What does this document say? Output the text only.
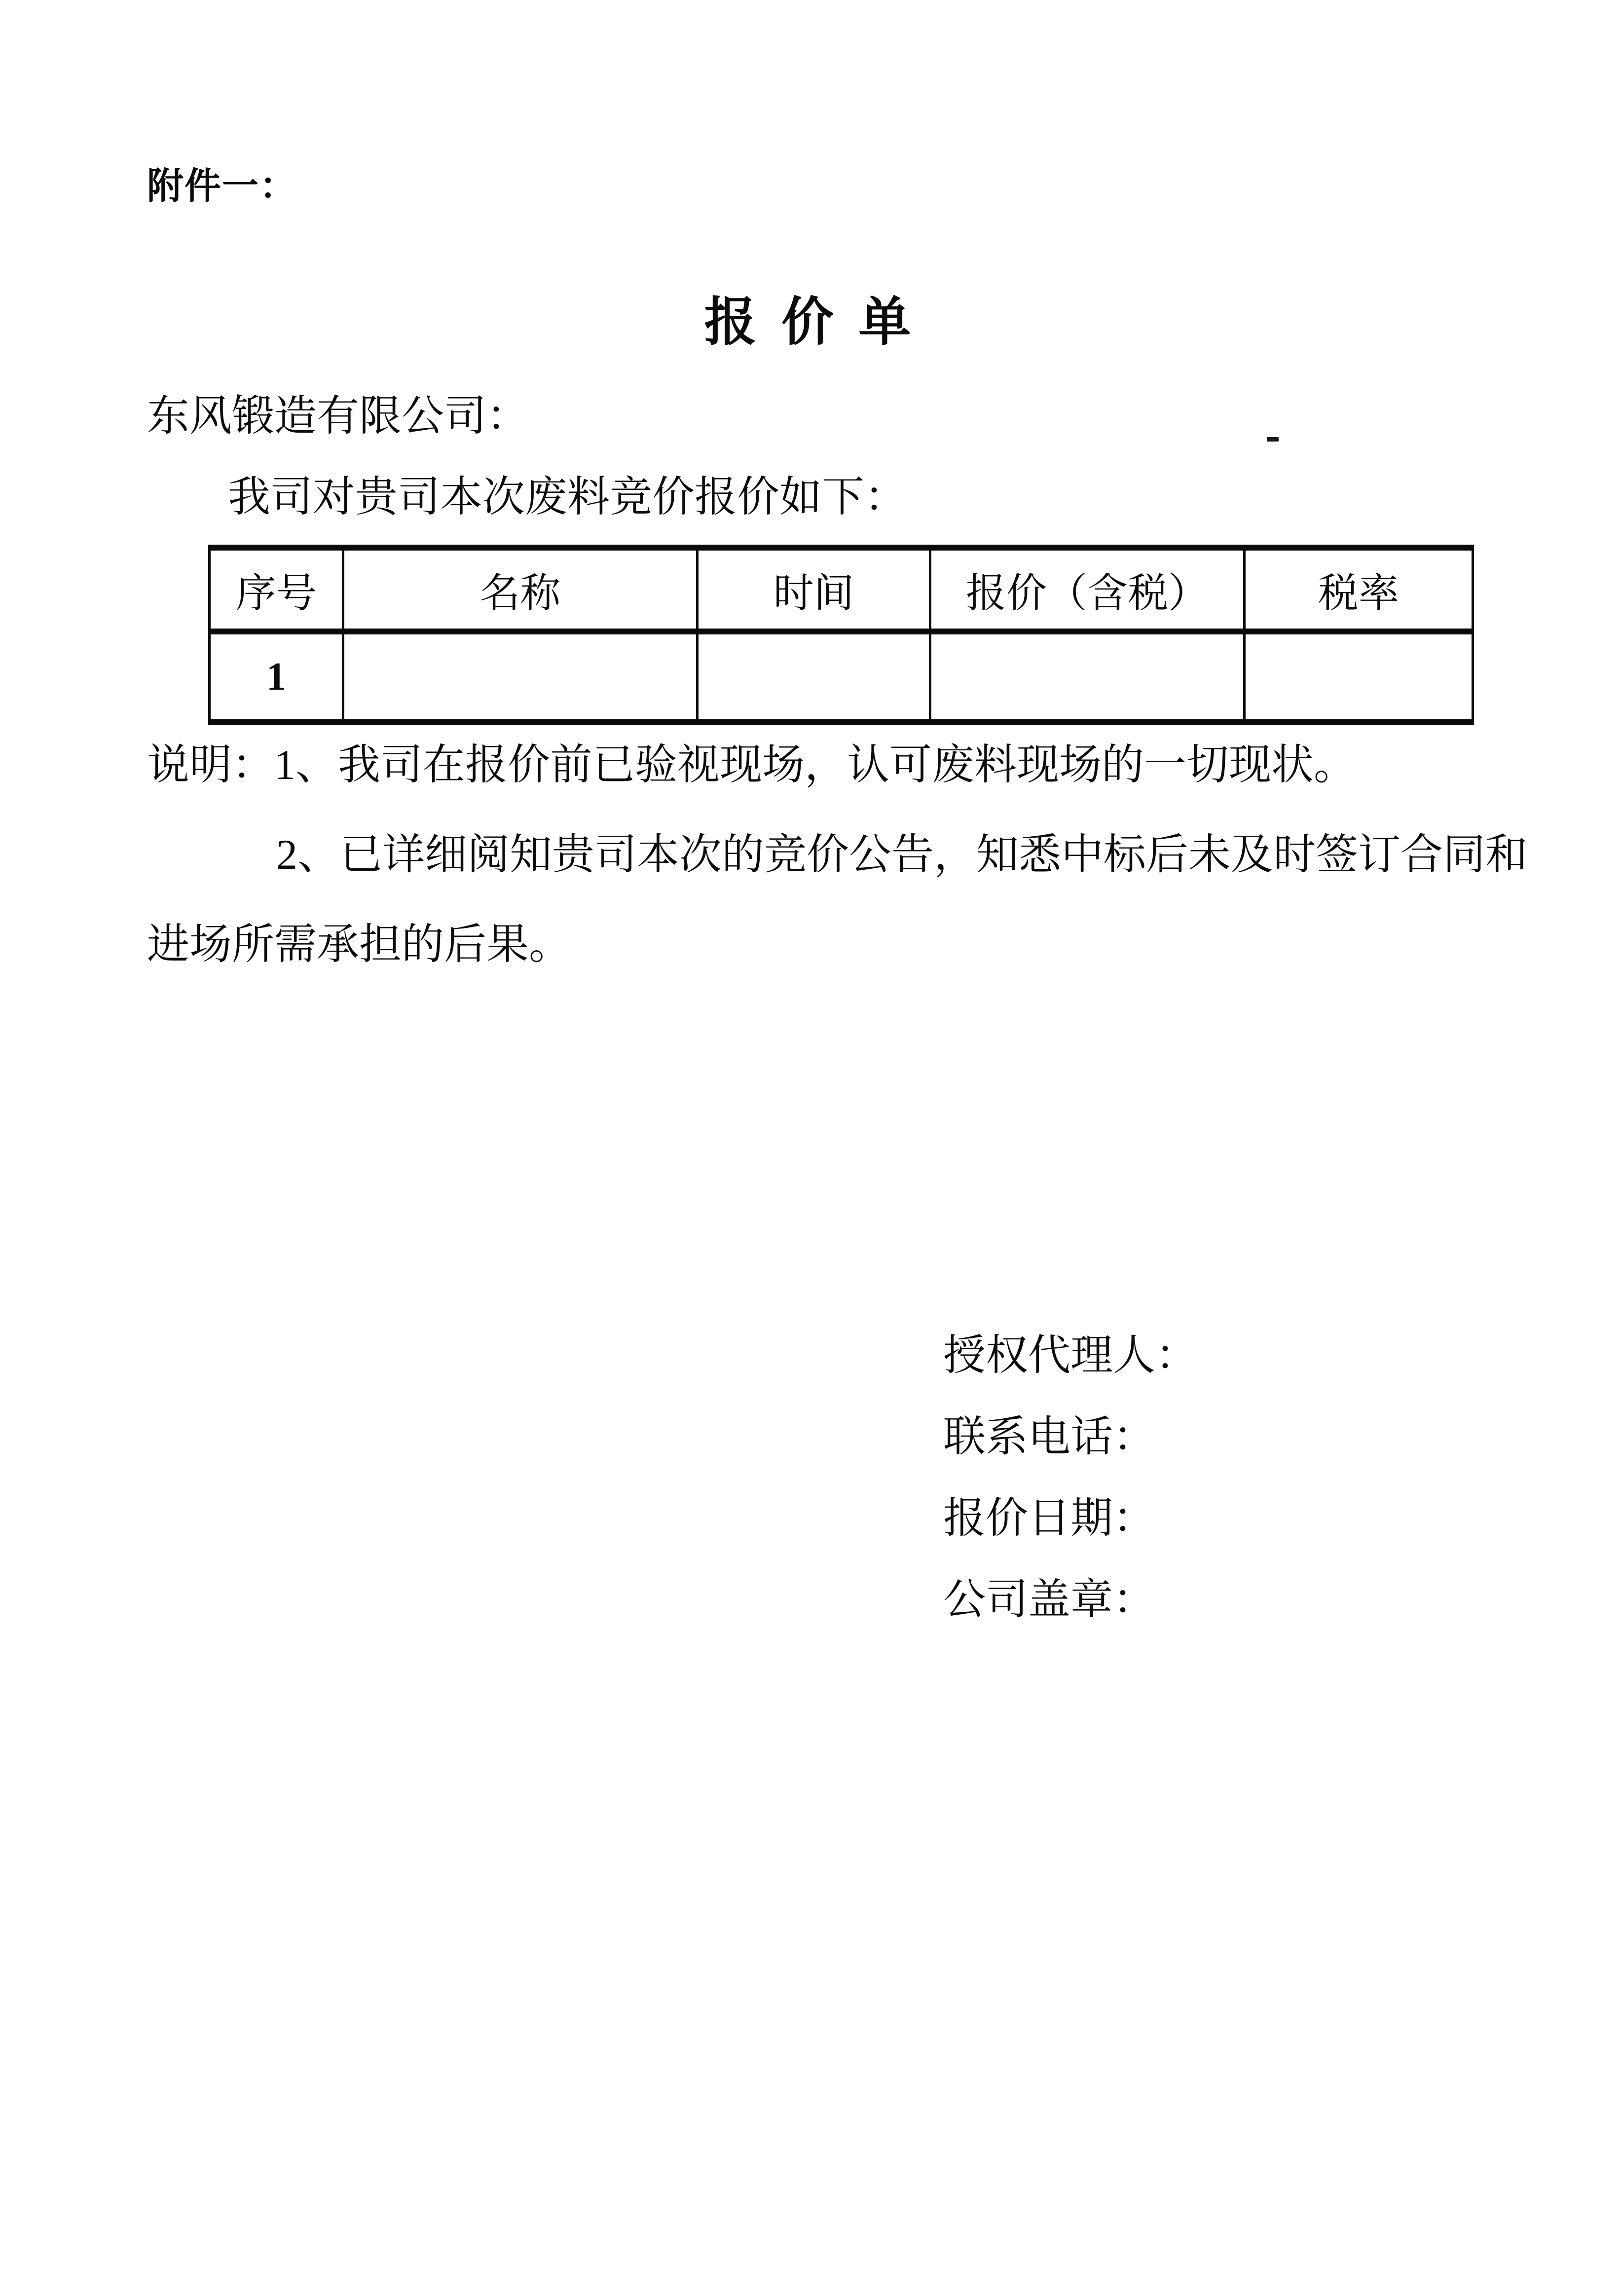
附件一：
报 价 单
东风锻造有限公司：
我司对贵司本次废料竞价报价如下：
序号	名称	时间	报价（含税）	税率
1				
说明：1、我司在报价前已验视现场，认可废料现场的一切现状。
2、已详细阅知贵司本次的竞价公告，知悉中标后未及时签订合同和
进场所需承担的后果。
授权代理人：
联系电话：
报价日期：
公司盖章：
